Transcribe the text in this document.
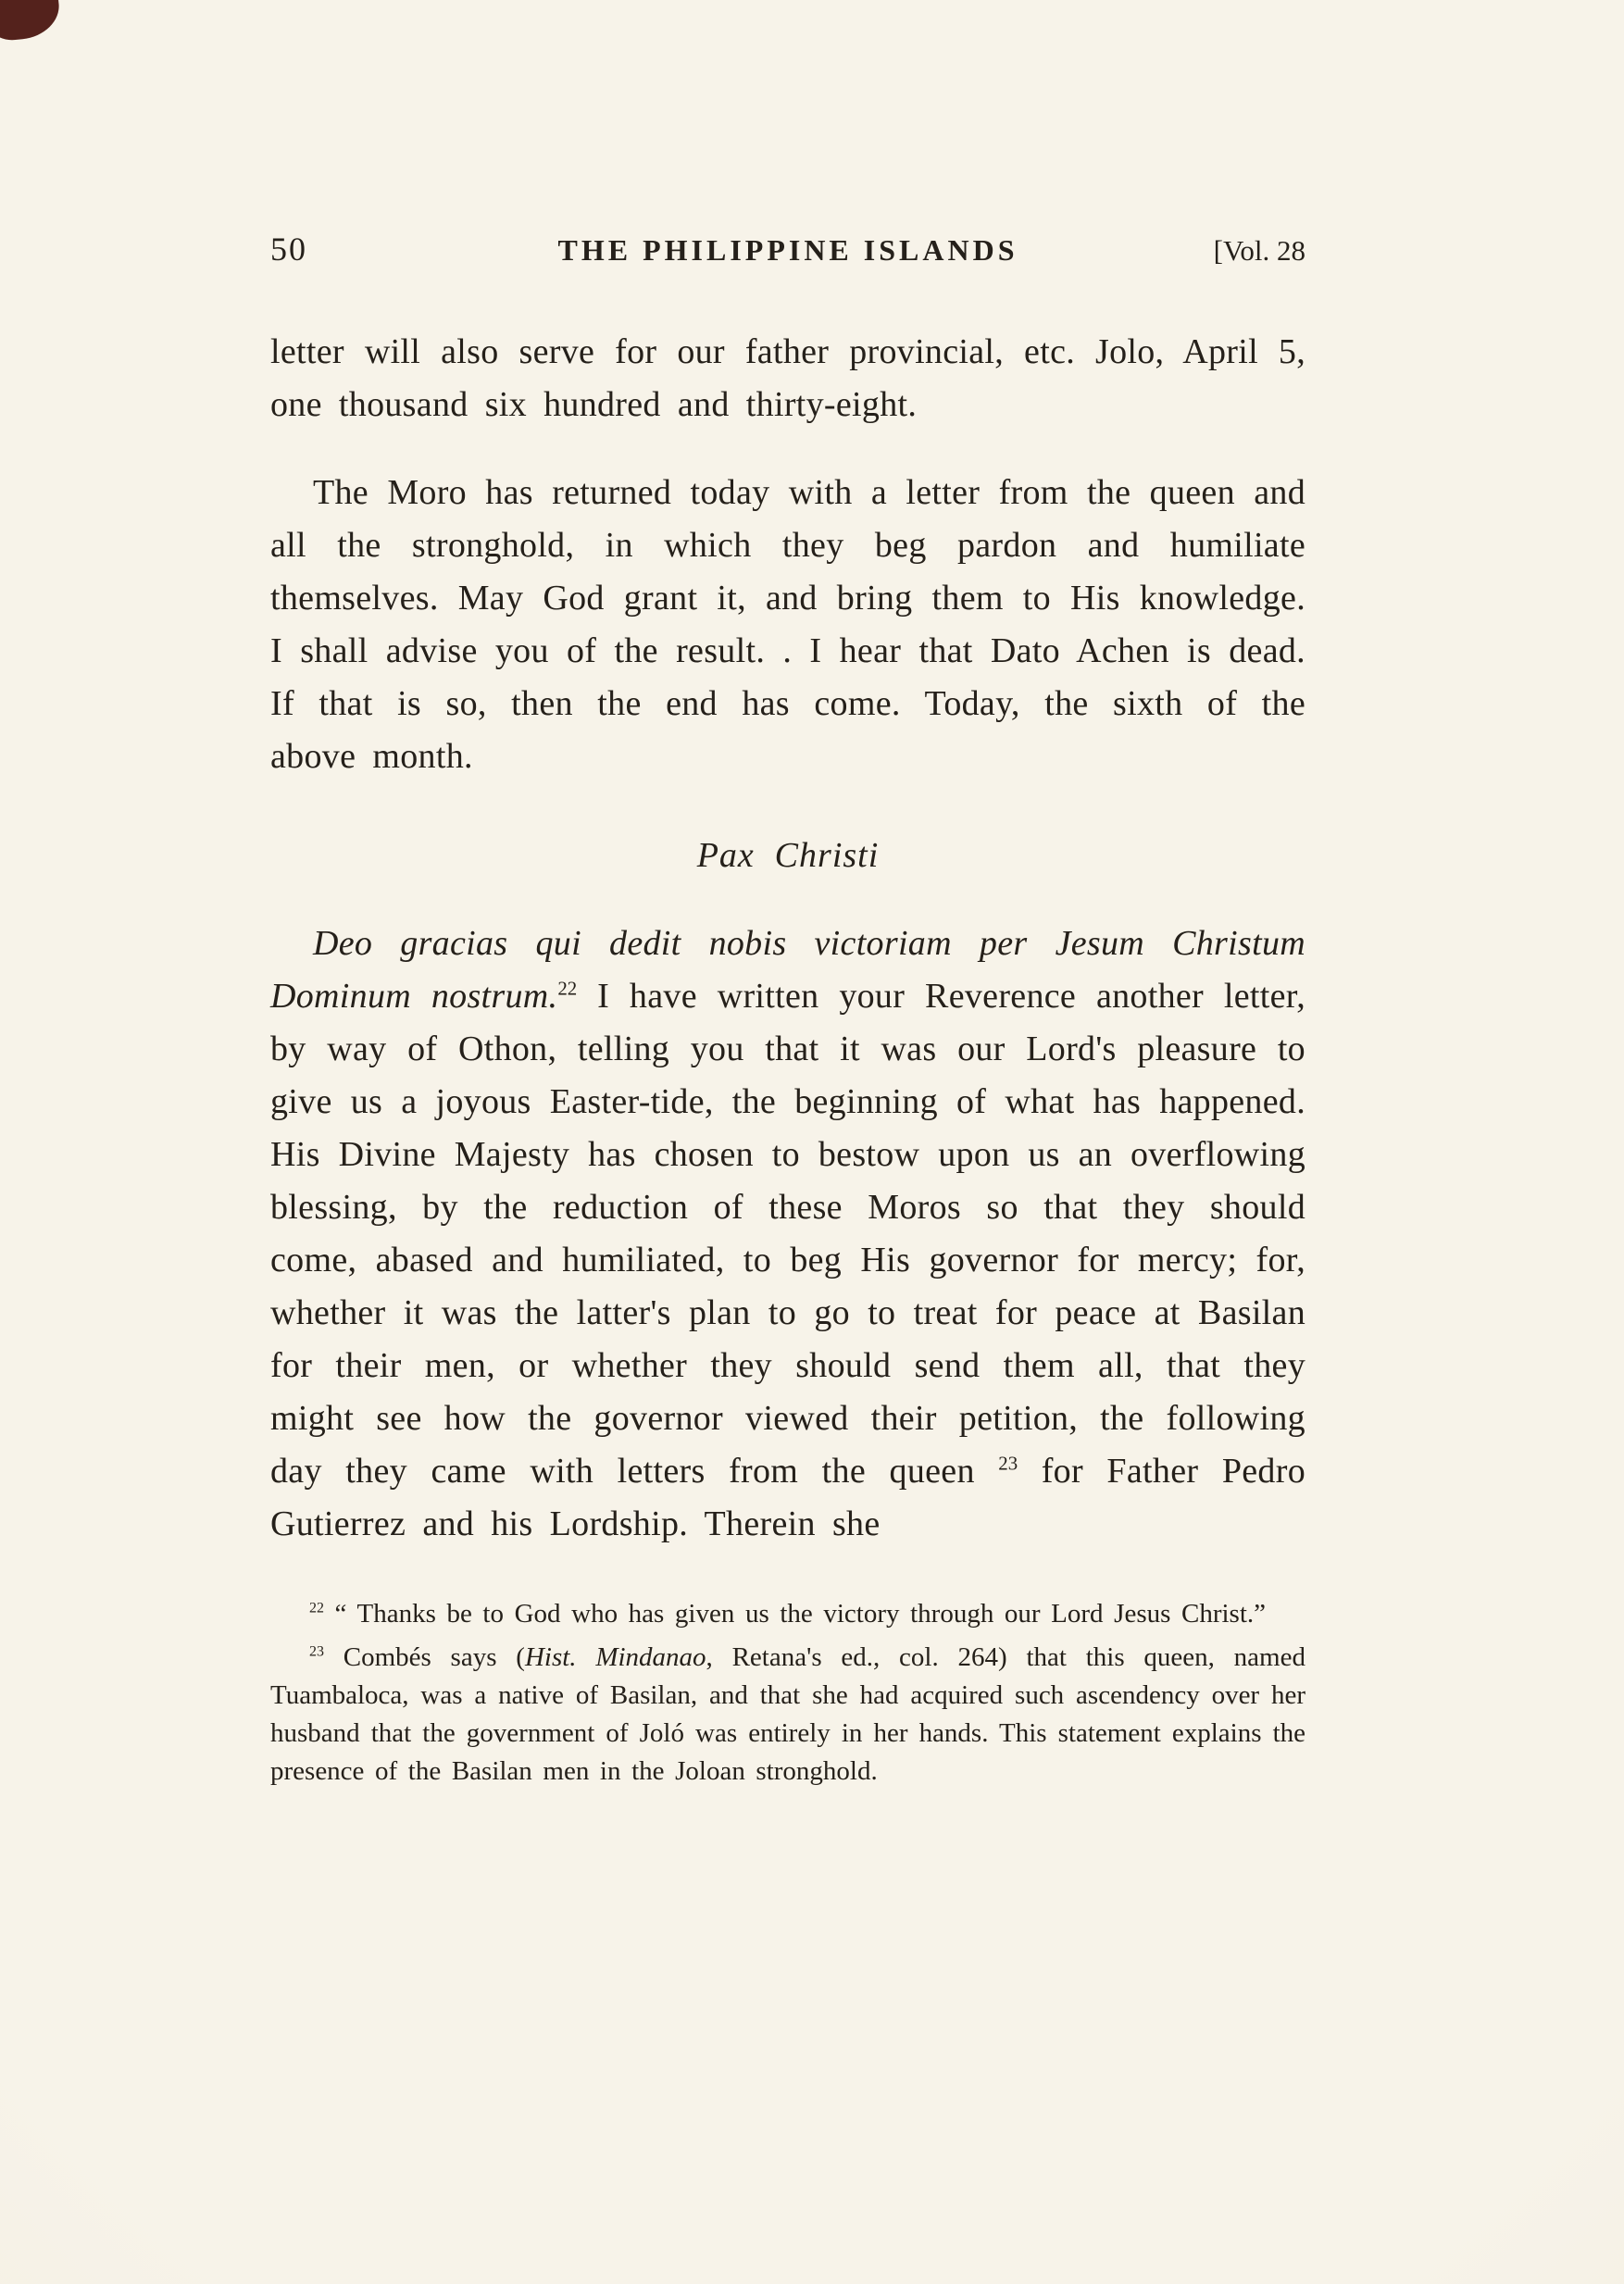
50	THE PHILIPPINE ISLANDS	[Vol. 28

letter will also serve for our father provincial, etc. Jolo, April 5, one thousand six hundred and thirty-eight.

The Moro has returned today with a letter from the queen and all the stronghold, in which they beg pardon and humiliate themselves. May God grant it, and bring them to His knowledge. I shall advise you of the result. . I hear that Dato Achen is dead. If that is so, then the end has come. Today, the sixth of the above month.

Pax Christi

Deo gracias qui dedit nobis victoriam per Jesum Christum Dominum nostrum.$^{22}$ I have written your Reverence another letter, by way of Othon, telling you that it was our Lord's pleasure to give us a joyous Easter-tide, the beginning of what has happened. His Divine Majesty has chosen to bestow upon us an overflowing blessing, by the reduction of these Moros so that they should come, abased and humiliated, to beg His governor for mercy; for, whether it was the latter's plan to go to treat for peace at Basilan for their men, or whether they should send them all, that they might see how the governor viewed their petition, the following day they came with letters from the queen $^{23}$ for Father Pedro Gutierrez and his Lordship. Therein she

$^{22}$ “ Thanks be to God who has given us the victory through our Lord Jesus Christ.”

$^{23}$ Combés says (Hist. Mindanao, Retana's ed., col. 264) that this queen, named Tuambaloca, was a native of Basilan, and that she had acquired such ascendency over her husband that the government of Joló was entirely in her hands. This statement explains the presence of the Basilan men in the Joloan stronghold.
